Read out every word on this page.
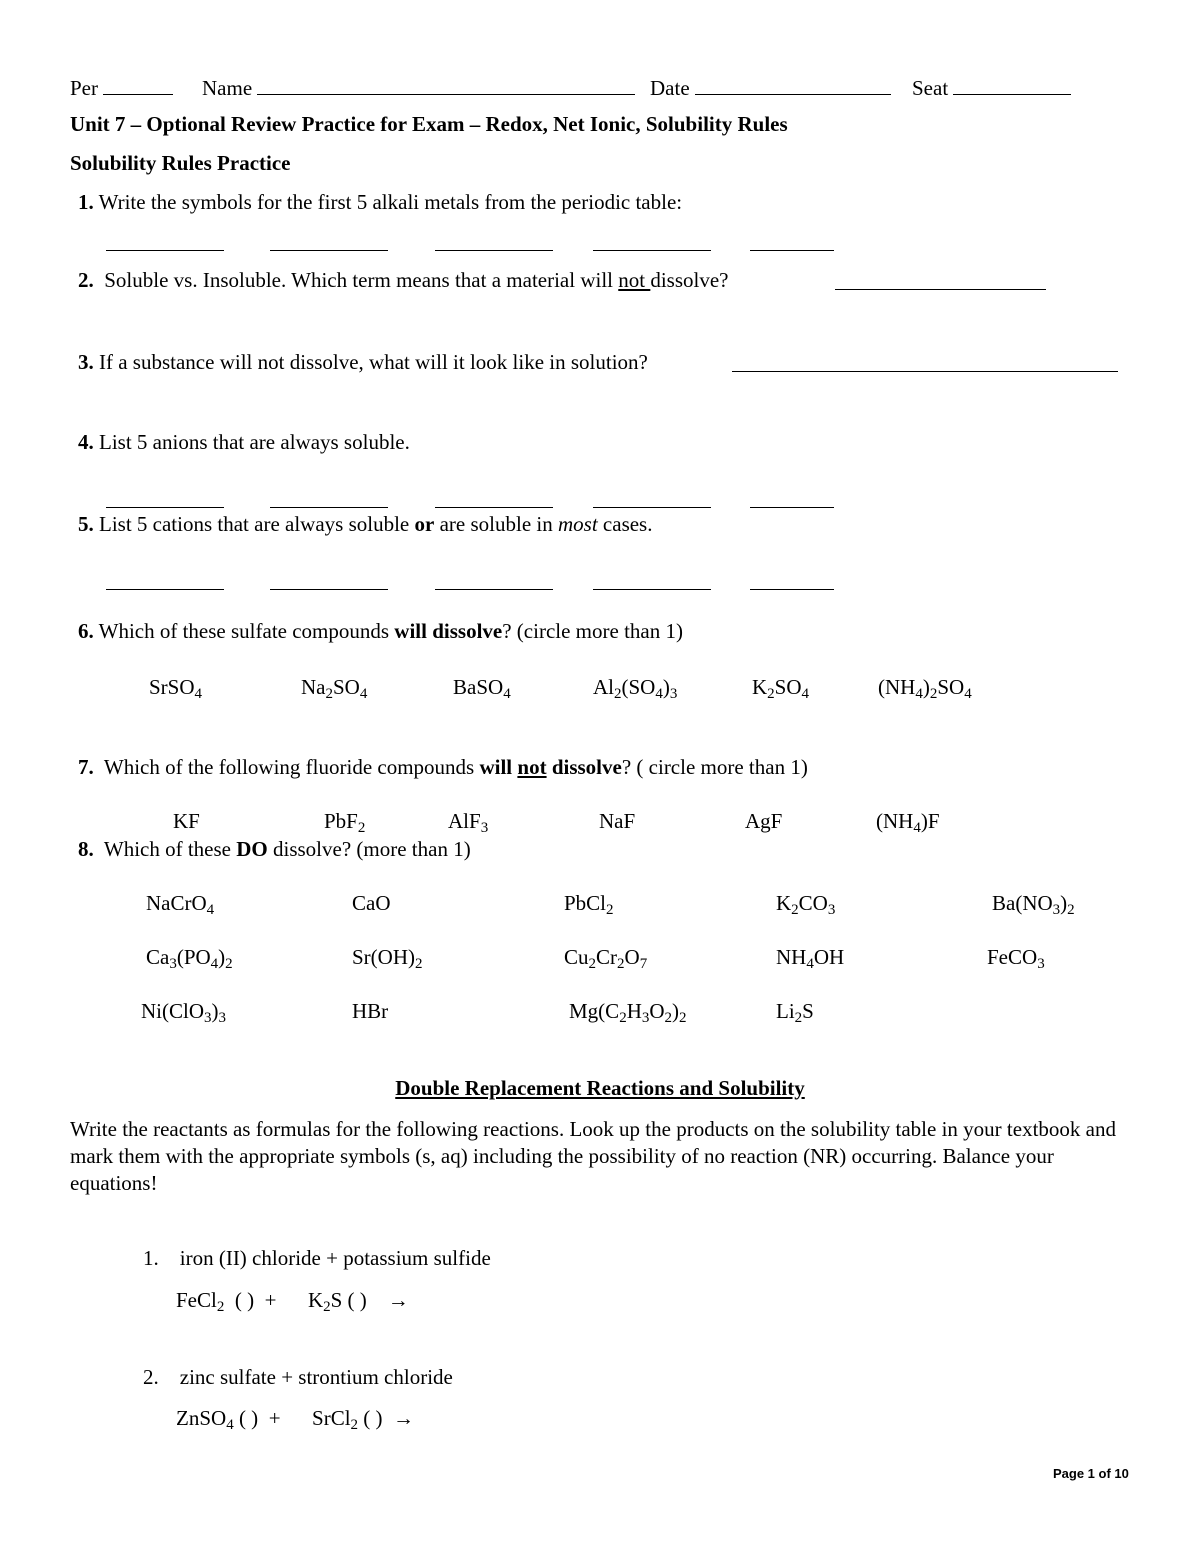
Per	Name	Date	Seat
Unit 7 – Optional Review Practice for Exam – Redox, Net Ionic, Solubility Rules
Solubility Rules Practice
1. Write the symbols for the first 5 alkali metals from the periodic table:
2. Soluble vs. Insoluble. Which term means that a material will not dissolve?
3. If a substance will not dissolve, what will it look like in solution?
4. List 5 anions that are always soluble.
5. List 5 cations that are always soluble or are soluble in most cases.
6. Which of these sulfate compounds will dissolve? (circle more than 1)
SrSO$_4$	$Na_2SO_4$	BaSO$_4$	$Al_2(SO_4)_3$	$K_2SO_4$	$(NH_4)_2SO_4$
7. Which of the following fluoride compounds will not dissolve? ( circle more than 1)
KF	PbF$_2$	AlF$_3$	NaF	AgF	$(NH_4)F$
8. Which of these DO dissolve? (more than 1)
NaCrO$_4$	CaO	PbCl$_2$	$K_2CO_3$	$Ba(NO_3)_2$
$Ca_3(PO_4)_2$	$Sr(OH)_2$	$Cu_2Cr_2O_7$	$NH_4OH$	FeCO$_3$
$Ni(ClO_3)_3$	HBr	$Mg(C_2H_3O_2)_2$	$Li_2S$
Double Replacement Reactions and Solubility
Write the reactants as formulas for the following reactions. Look up the products on the solubility table in your textbook and mark them with the appropriate symbols (s, aq) including the possibility of no reaction (NR) occurring. Balance your equations!
1. iron (II) chloride + potassium sulfide
FeCl$_2$ ( ) +      $K_2S$ ( ) →
2. zinc sulfate + strontium chloride
ZnSO$_4$ ( ) +      SrCl$_2$ ( ) →
Page 1 of 10
